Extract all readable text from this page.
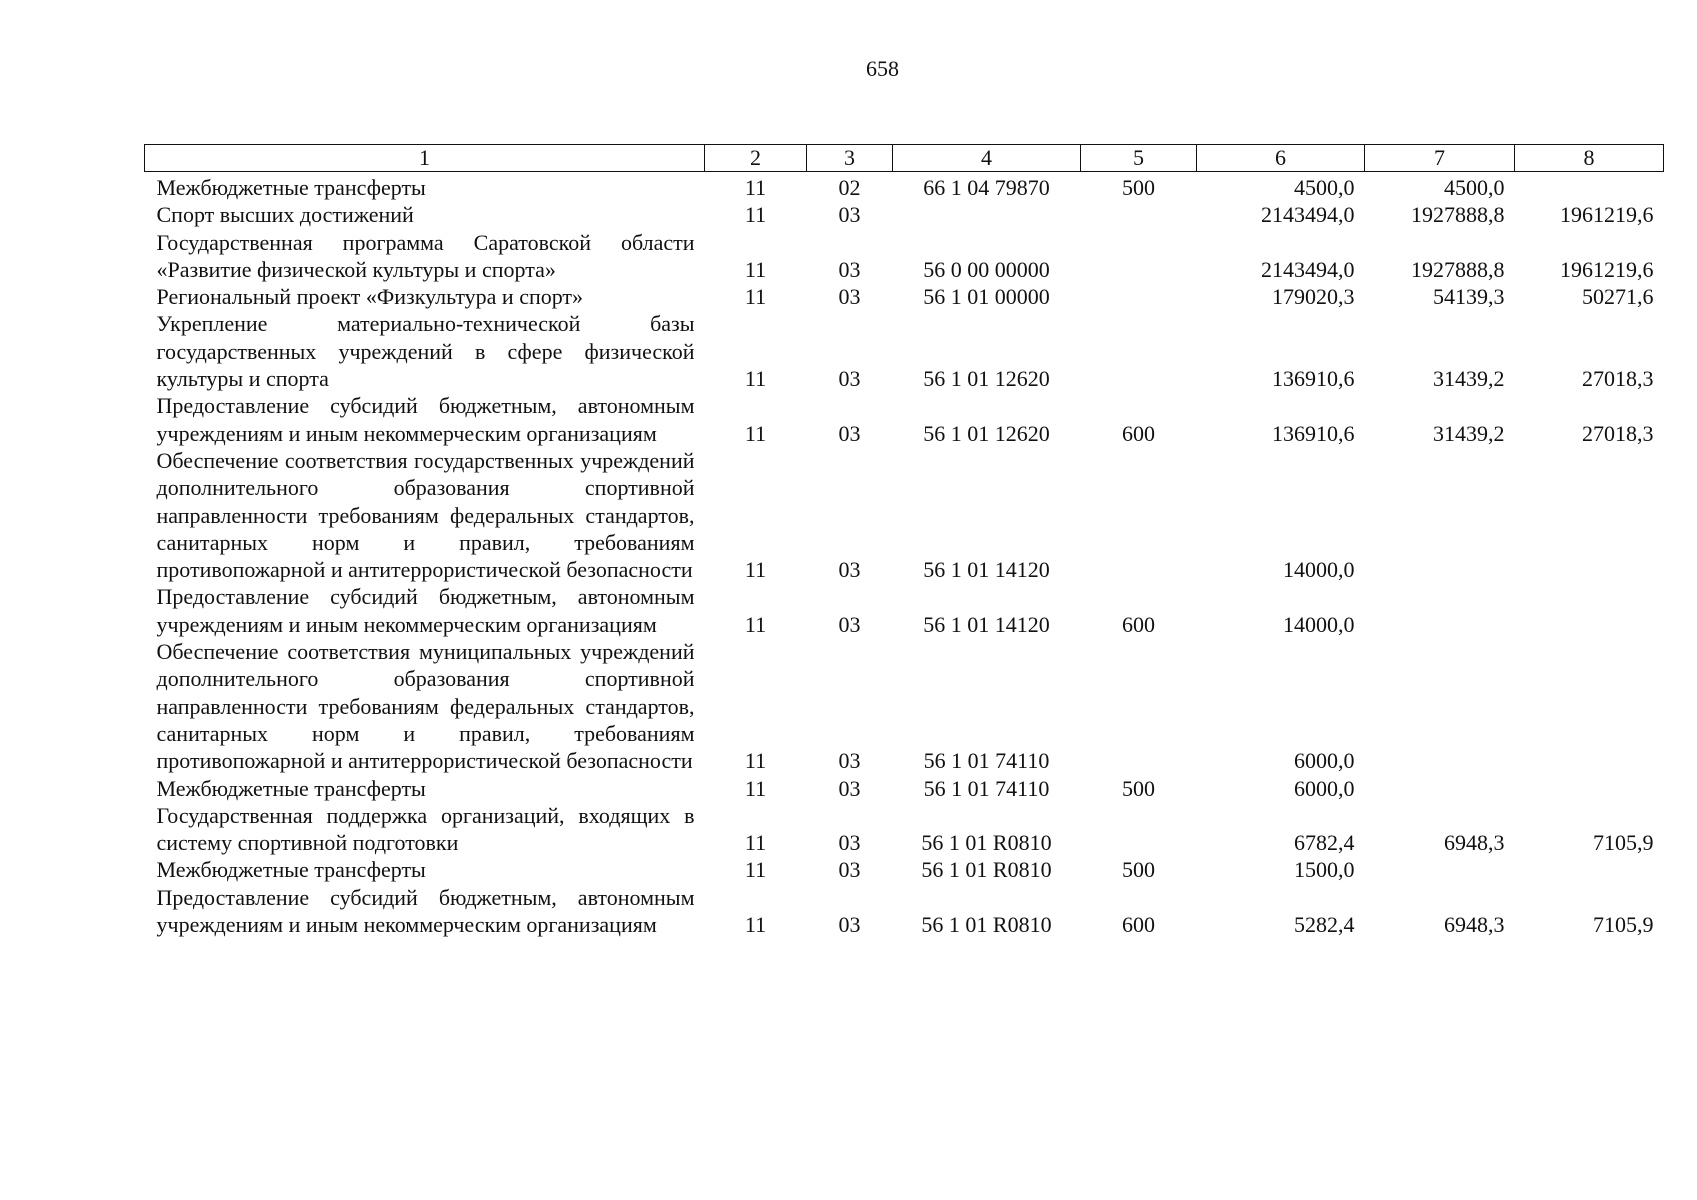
658
1	2	3	4	5	6	7	8
Межбюджетные трансферты	11	02	66 1 04 79870	500	4500,0	4500,0	
Спорт высших достижений	11	03			2143494,0	1927888,8	1961219,6
Государственная программа Саратовской области «Развитие физической культуры и спорта»	11	03	56 0 00 00000		2143494,0	1927888,8	1961219,6
Региональный проект «Физкультура и спорт»	11	03	56 1 01 00000		179020,3	54139,3	50271,6
Укрепление материально-технической базы государственных учреждений в сфере физической культуры и спорта	11	03	56 1 01 12620		136910,6	31439,2	27018,3
Предоставление субсидий бюджетным, автономным учреждениям и иным некоммерческим организациям	11	03	56 1 01 12620	600	136910,6	31439,2	27018,3
Обеспечение соответствия государственных учреждений дополнительного образования спортивной направленности требованиям федеральных стандартов, санитарных норм и правил, требованиям противопожарной и антитеррористической безопасности	11	03	56 1 01 14120		14000,0		
Предоставление субсидий бюджетным, автономным учреждениям и иным некоммерческим организациям	11	03	56 1 01 14120	600	14000,0		
Обеспечение соответствия муниципальных учреждений дополнительного образования спортивной направленности требованиям федеральных стандартов, санитарных норм и правил, требованиям противопожарной и антитеррористической безопасности	11	03	56 1 01 74110		6000,0		
Межбюджетные трансферты	11	03	56 1 01 74110	500	6000,0		
Государственная поддержка организаций, входящих в систему спортивной подготовки	11	03	56 1 01 R0810		6782,4	6948,3	7105,9
Межбюджетные трансферты	11	03	56 1 01 R0810	500	1500,0		
Предоставление субсидий бюджетным, автономным учреждениям и иным некоммерческим организациям	11	03	56 1 01 R0810	600	5282,4	6948,3	7105,9
